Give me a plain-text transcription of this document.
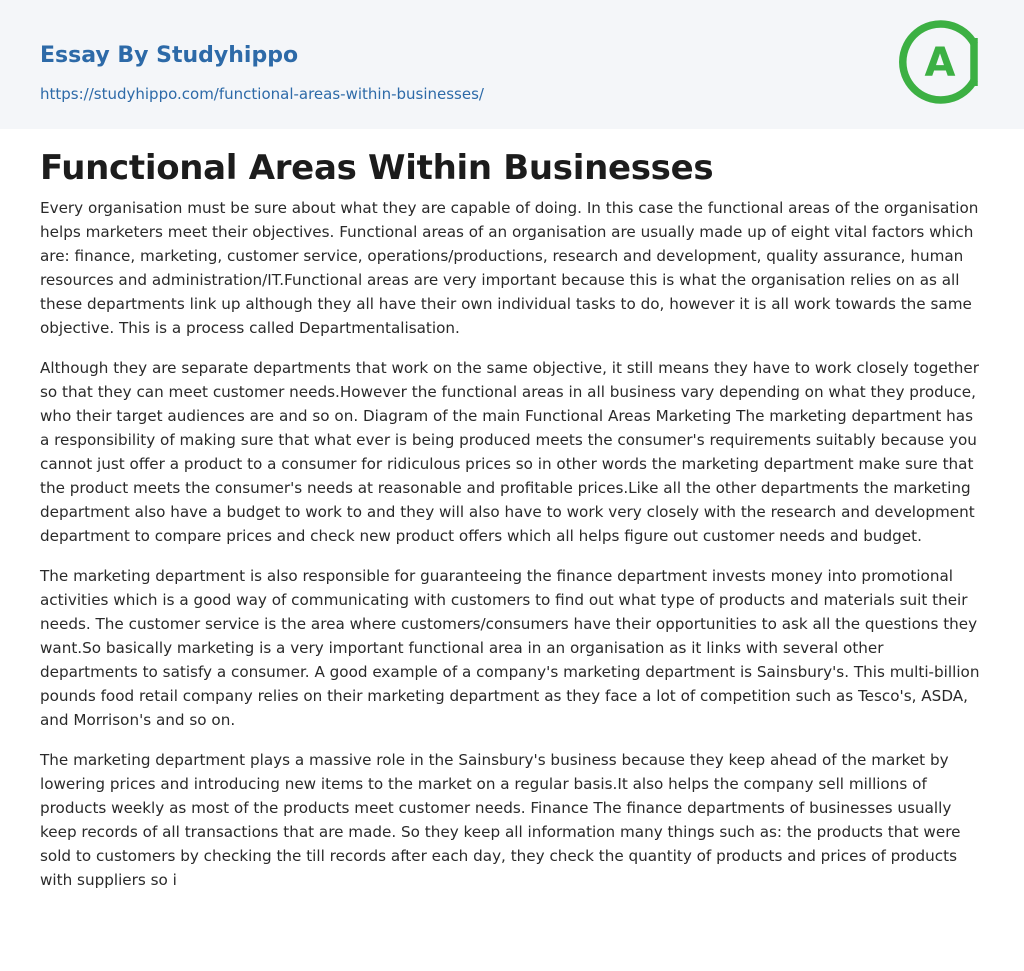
Essay By Studyhippo
https://studyhippo.com/functional-areas-within-businesses/
A
Functional Areas Within Businesses

Every organisation must be sure about what they are capable of doing. In this case the functional areas of the organisation helps marketers meet their objectives. Functional areas of an organisation are usually made up of eight vital factors which are: finance, marketing, customer service, operations/productions, research and development, quality assurance, human resources and administration/IT.Functional areas are very important because this is what the organisation relies on as all these departments link up although they all have their own individual tasks to do, however it is all work towards the same objective. This is a process called Departmentalisation.

Although they are separate departments that work on the same objective, it still means they have to work closely together so that they can meet customer needs.However the functional areas in all business vary depending on what they produce, who their target audiences are and so on. Diagram of the main Functional Areas Marketing The marketing department has a responsibility of making sure that what ever is being produced meets the consumer's requirements suitably because you cannot just offer a product to a consumer for ridiculous prices so in other words the marketing department make sure that the product meets the consumer's needs at reasonable and profitable prices.Like all the other departments the marketing department also have a budget to work to and they will also have to work very closely with the research and development department to compare prices and check new product offers which all helps figure out customer needs and budget.

The marketing department is also responsible for guaranteeing the finance department invests money into promotional activities which is a good way of communicating with customers to find out what type of products and materials suit their needs. The customer service is the area where customers/consumers have their opportunities to ask all the questions they want.So basically marketing is a very important functional area in an organisation as it links with several other departments to satisfy a consumer. A good example of a company's marketing department is Sainsbury's. This multi-billion pounds food retail company relies on their marketing department as they face a lot of competition such as Tesco's, ASDA, and Morrison's and so on.

The marketing department plays a massive role in the Sainsbury's business because they keep ahead of the market by lowering prices and introducing new items to the market on a regular basis.It also helps the company sell millions of products weekly as most of the products meet customer needs. Finance The finance departments of businesses usually keep records of all transactions that are made. So they keep all information many things such as: the products that were sold to customers by checking the till records after each day, they check the quantity of products and prices of products with suppliers so i
